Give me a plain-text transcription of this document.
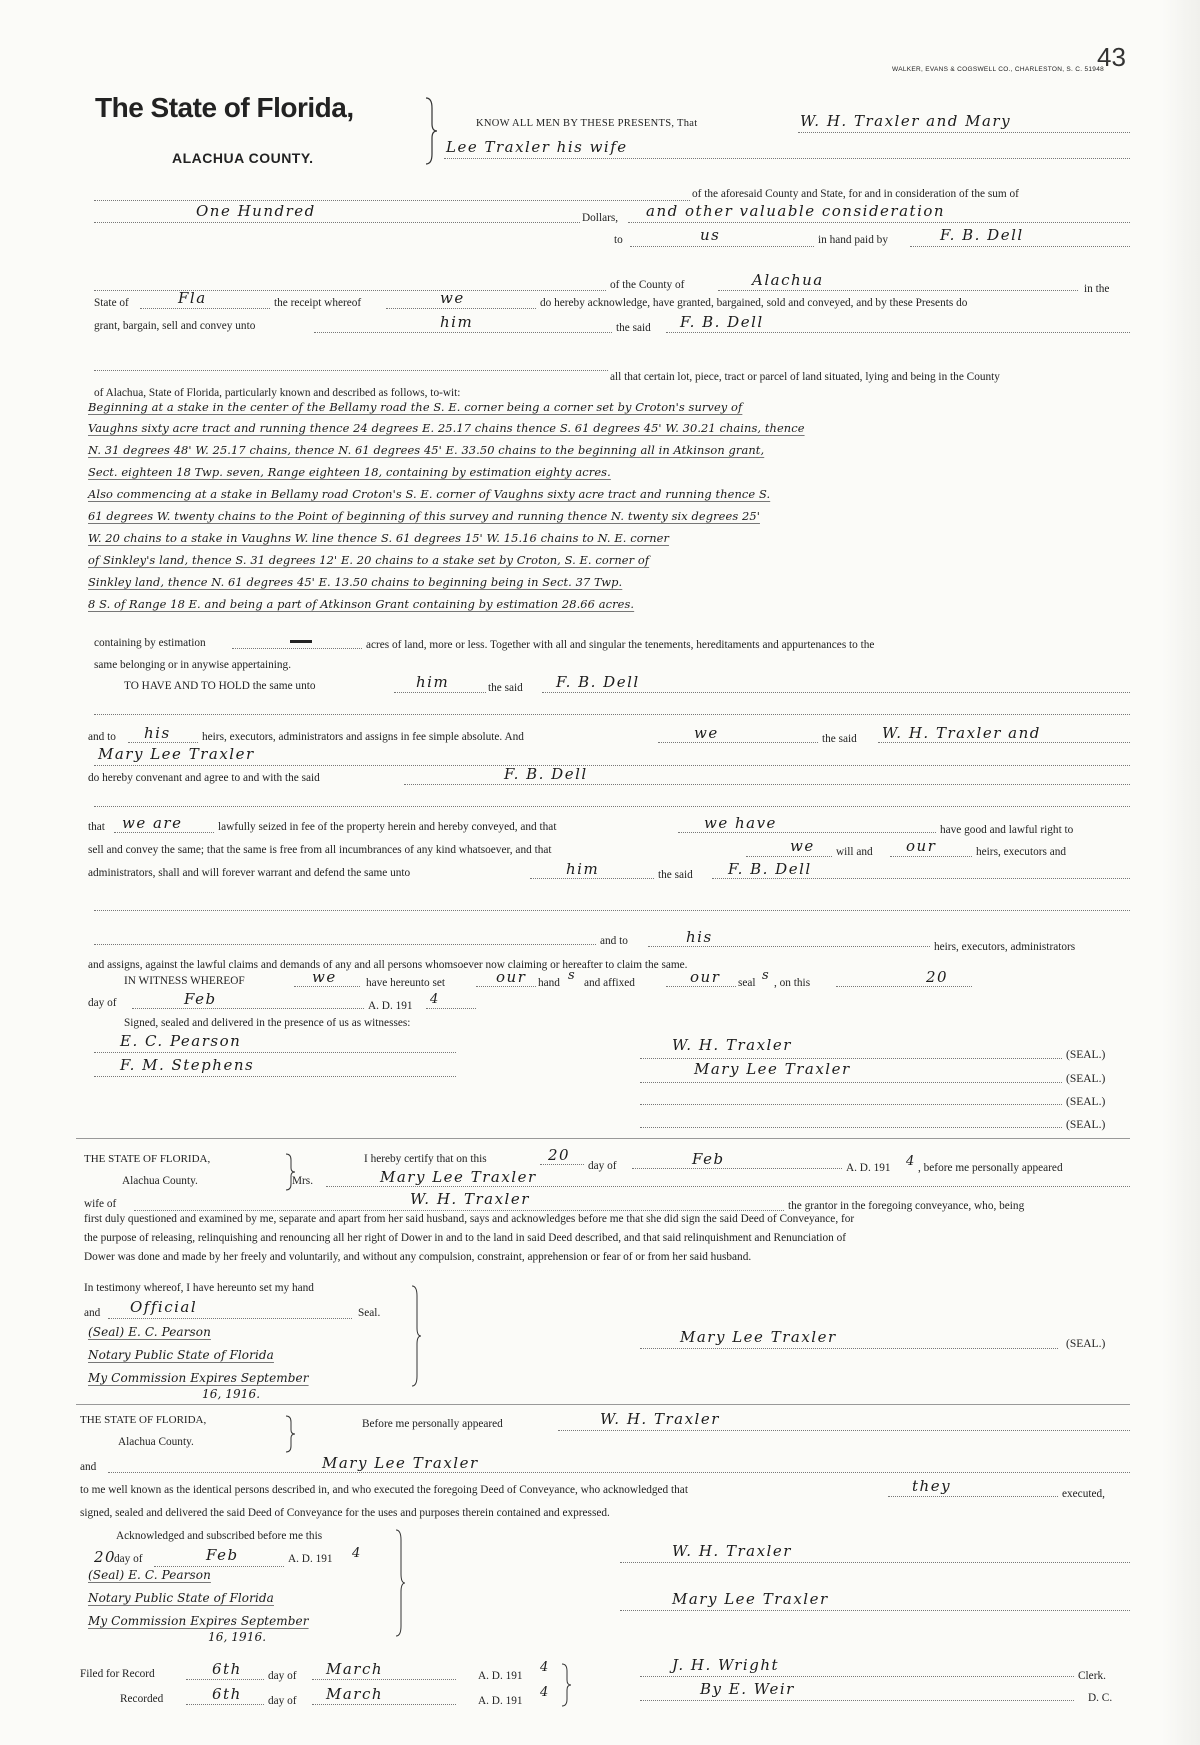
WALKER, EVANS & COGSWELL CO., CHARLESTON, S. C. 51948
43
The State of Florida,
ALACHUA COUNTY.
KNOW ALL MEN BY THESE PRESENTS, That	W. H. Traxler and Mary
Lee Traxler his wife
of the aforesaid County and State, for and in consideration of the sum of
One Hundred	Dollars, and other valuable consideration
to	us	in hand paid by	F. B. Dell
of the County of	Alachua	in the
State of	Fla	the receipt whereof	we	do hereby acknowledge, have granted, bargained, sold and conveyed, and by these Presents do
grant, bargain, sell and convey unto	him	the said F. B. Dell
all that certain lot, piece, tract or parcel of land situated, lying and being in the County
of Alachua, State of Florida, particularly known and described as follows, to-wit:
Beginning at a stake in the center of the Bellamy road the S. E. corner being a corner set by Croton's survey of
Vaughns sixty acre tract and running thence 24 degrees E. 25.17 chains thence S. 61 degrees 45' W. 30.21 chains, thence
N. 31 degrees 48' W. 25.17 chains, thence N. 61 degrees 45' E. 33.50 chains to the beginning all in Atkinson grant,
Sect. eighteen 18 Twp. seven, Range eighteen 18, containing by estimation eighty acres.
Also commencing at a stake in Bellamy road Croton's S. E. corner of Vaughns sixty acre tract and running thence S.
61 degrees W. twenty chains to the Point of beginning of this survey and running thence N. twenty six degrees 25'
W. 20 chains to a stake in Vaughns W. line thence S. 61 degrees 15' W. 15.16 chains to N. E. corner
of Sinkley's land, thence S. 31 degrees 12' E. 20 chains to a stake set by Croton, S. E. corner of
Sinkley land, thence N. 61 degrees 45' E. 13.50 chains to beginning being in Sect. 37 Twp.
8 S. of Range 18 E. and being a part of Atkinson Grant containing by estimation 28.66 acres.
containing by estimation	acres of land, more or less. Together with all and singular the tenements, hereditaments and appurtenances to the
same belonging or in anywise appertaining.
TO HAVE AND TO HOLD the same unto	him	the said F. B. Dell
and to his	heirs, executors, administrators and assigns in fee simple absolute. And	we	the said W. H. Traxler and
Mary Lee Traxler
do hereby convenant and agree to and with the said	F. B. Dell
that we are	lawfully seized in fee of the property herein and hereby conveyed, and that	we have	have good and lawful right to
sell and convey the same; that the same is free from all incumbrances of any kind whatsoever, and that	we will and our	heirs, executors and
administrators, shall and will forever warrant and defend the same unto	him	the said F. B. Dell
and to	his
heirs, executors, administrators
and assigns, against the lawful claims and demands of any and all persons whomsoever now claiming or hereafter to claim the same.
IN WITNESS WHEREOF	we	have hereunto set	our hand s and affixed	our seal s , on this	20
day of	Feb	A. D. 191 4
Signed, sealed and delivered in the presence of us as witnesses:
E. C. Pearson
F. M. Stephens
W. H. Traxler
(SEAL.)
Mary Lee Traxler
(SEAL.)
(SEAL.)
(SEAL.)
THE STATE OF FLORIDA,
Alachua County.
I hereby certify that on this	20
day of	Feb	A. D. 191 4 , before me personally appeared
Mrs.	Mary Lee Traxler
wife of	W. H. Traxler	the grantor in the foregoing conveyance, who, being
first duly questioned and examined by me, separate and apart from her said husband, says and acknowledges before me that she did sign the said Deed of Conveyance, for
the purpose of releasing, relinquishing and renouncing all her right of Dower in and to the land in said Deed described, and that said relinquishment and Renunciation of
Dower was done and made by her freely and voluntarily, and without any compulsion, constraint, apprehension or fear of or from her said husband.
In testimony whereof, I have hereunto set my hand
and Official	Seal.
(Seal) E. C. Pearson
Notary Public State of Florida
My Commission Expires September
16, 1916.
Mary Lee Traxler	(SEAL.)
THE STATE OF FLORIDA,
Alachua County.
Before me personally appeared	W. H. Traxler
and	Mary Lee Traxler
to me well known as the identical persons described in, and who executed the foregoing Deed of Conveyance, who acknowledged that	they	executed,
signed, sealed and delivered the said Deed of Conveyance for the uses and purposes therein contained and expressed.
Acknowledged and subscribed before me this
20
day of	Feb	A. D. 191 4
(Seal) E. C. Pearson
Notary Public State of Florida
My Commission Expires September
16, 1916.
W. H. Traxler
Mary Lee Traxler
Filed for Record	6th day of March	A. D. 191
4
Recorded	6th day of March	A. D. 191
4
J. H. Wright
Clerk.
By E. Weir	D. C.
